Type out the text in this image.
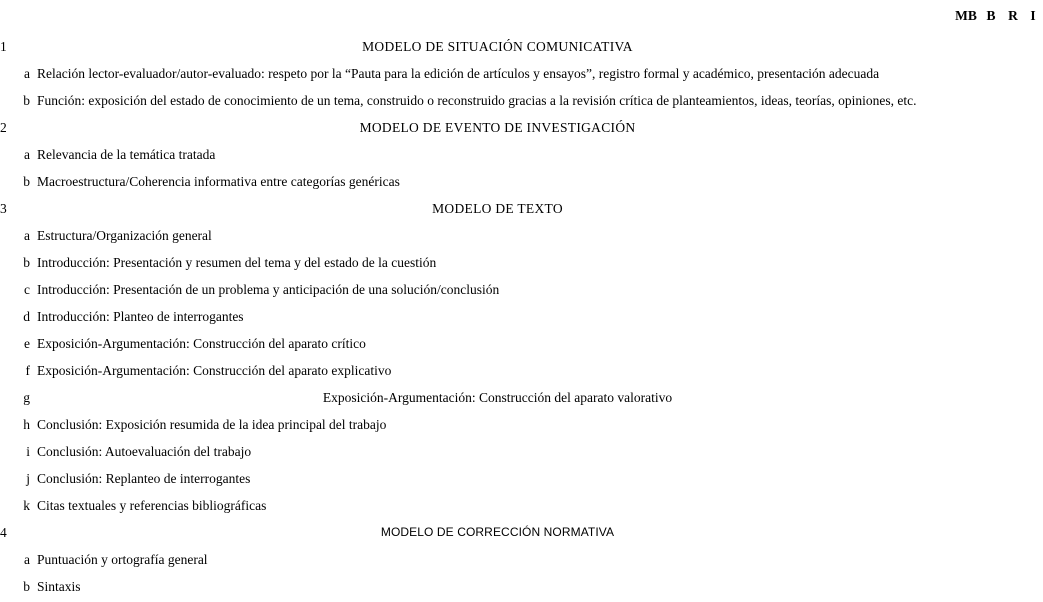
MB B R I
1	MODELO DE SITUACIÓN COMUNICATIVA
a Relación lector-evaluador/autor-evaluado: respeto por la “Pauta para la edición de artículos y ensayos”, registro formal y académico, presentación adecuada
b Función: exposición del estado de conocimiento de un tema, construido o reconstruido gracias a la revisión crítica de planteamientos, ideas, teorías, opiniones, etc.
2	MODELO DE EVENTO DE INVESTIGACIÓN
a Relevancia de la temática tratada
b Macroestructura/Coherencia informativa entre categorías genéricas
3	MODELO DE TEXTO
a Estructura/Organización general
b Introducción: Presentación y resumen del tema y del estado de la cuestión
c Introducción: Presentación de un problema y anticipación de una solución/conclusión
d Introducción: Planteo de interrogantes
e Exposición-Argumentación: Construcción del aparato crítico
f Exposición-Argumentación: Construcción del aparato explicativo
g	Exposición-Argumentación: Construcción del aparato valorativo
h Conclusión: Exposición resumida de la idea principal del trabajo
i Conclusión: Autoevaluación del trabajo
j Conclusión: Replanteo de interrogantes
k Citas textuales y referencias bibliográficas
4	MODELO DE CORRECCIÓN NORMATIVA
a Puntuación y ortografía general
b Sintaxis
